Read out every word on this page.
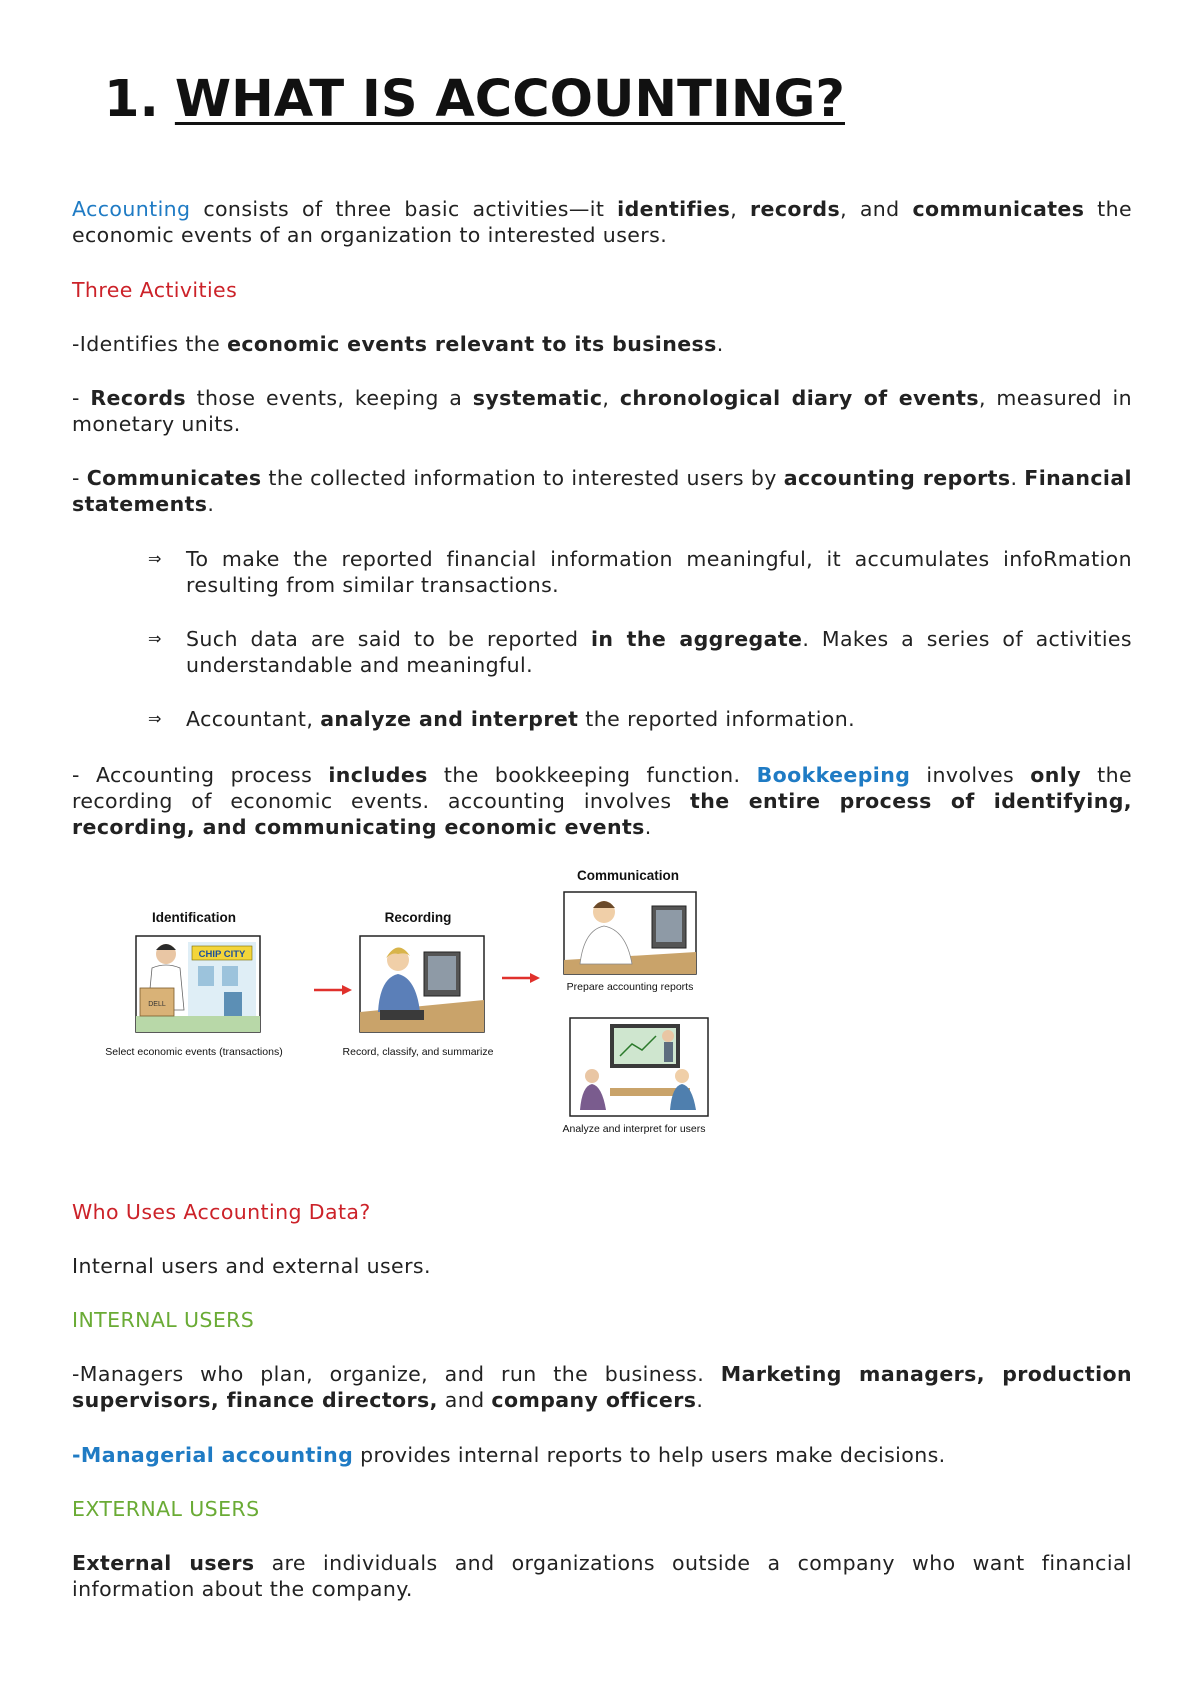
1. WHAT IS ACCOUNTING?
Accounting consists of three basic activities—it identifies, records, and communicates the economic events of an organization to interested users.
Three Activities
-Identifies the economic events relevant to its business.
- Records those events, keeping a systematic, chronological diary of events, measured in monetary units.
- Communicates the collected information to interested users by accounting reports. Financial statements.
⇒ To make the reported financial information meaningful, it accumulates infoRmation resulting from similar transactions.
⇒ Such data are said to be reported in the aggregate. Makes a series of activities understandable and meaningful.
⇒ Accountant, analyze and interpret the reported information.
- Accounting process includes the bookkeeping function. Bookkeeping involves only the recording of economic events. accounting involves the entire process of identifying, recording, and communicating economic events.
Identification
CHIP CITY
DELL
Select economic events (transactions)
Recording
Record, classify, and summarize
Communication
Prepare accounting reports
Analyze and interpret for users
Who Uses Accounting Data?
Internal users and external users.
INTERNAL USERS
-Managers who plan, organize, and run the business. Marketing managers, production supervisors, finance directors, and company officers.
-Managerial accounting provides internal reports to help users make decisions.
EXTERNAL USERS
External users are individuals and organizations outside a company who want financial information about the company.
